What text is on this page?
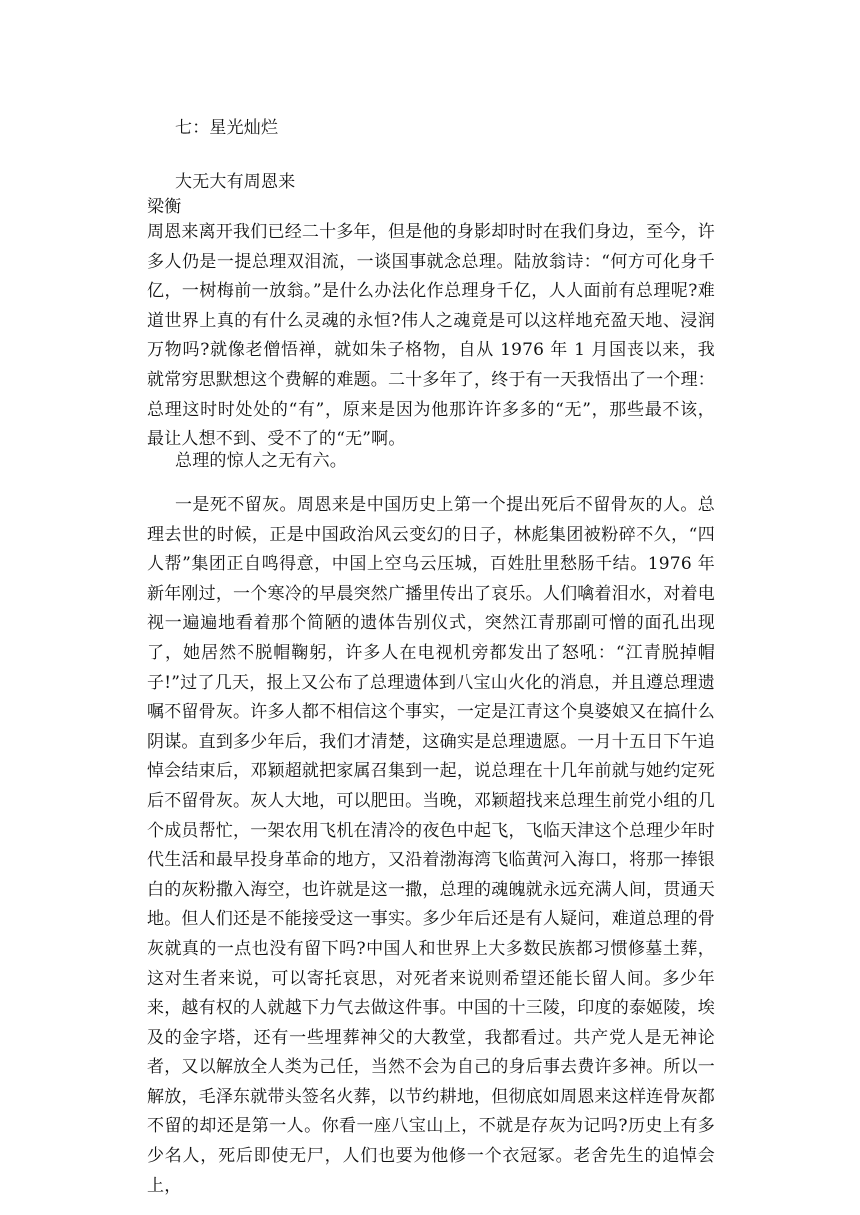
七：星光灿烂

大无大有周恩来

梁衡

周恩来离开我们已经二十多年，但是他的身影却时时在我们身边，至今，许多人仍是一提总理双泪流，一谈国事就念总理。陆放翁诗：“何方可化身千亿，一树梅前一放翁。”是什么办法化作总理身千亿，人人面前有总理呢?难道世界上真的有什么灵魂的永恒?伟人之魂竟是可以这样地充盈天地、浸润万物吗?就像老僧悟禅，就如朱子格物，自从 1976 年 1 月国丧以来，我就常穷思默想这个费解的难题。二十多年了，终于有一天我悟出了一个理：总理这时时处处的“有”，原来是因为他那许许多多的“无”，那些最不该，最让人想不到、受不了的“无”啊。

总理的惊人之无有六。

一是死不留灰。周恩来是中国历史上第一个提出死后不留骨灰的人。总理去世的时候，正是中国政治风云变幻的日子，林彪集团被粉碎不久，“四人帮”集团正自鸣得意，中国上空乌云压城，百姓肚里愁肠千结。1976 年新年刚过，一个寒冷的早晨突然广播里传出了哀乐。人们噙着泪水，对着电视一遍遍地看着那个简陋的遗体告别仪式，突然江青那副可憎的面孔出现了，她居然不脱帽鞠躬，许多人在电视机旁都发出了怒吼：“江青脱掉帽子!”过了几天，报上又公布了总理遗体到八宝山火化的消息，并且遵总理遗嘱不留骨灰。许多人都不相信这个事实，一定是江青这个臭婆娘又在搞什么阴谋。直到多少年后，我们才清楚，这确实是总理遗愿。一月十五日下午追悼会结束后，邓颖超就把家属召集到一起，说总理在十几年前就与她约定死后不留骨灰。灰人大地，可以肥田。当晚，邓颖超找来总理生前党小组的几个成员帮忙，一架农用飞机在清冷的夜色中起飞，飞临天津这个总理少年时代生活和最早投身革命的地方，又沿着渤海湾飞临黄河入海口，将那一捧银白的灰粉撒入海空，也许就是这一撒，总理的魂魄就永远充满人间，贯通天地。但人们还是不能接受这一事实。多少年后还是有人疑问，难道总理的骨灰就真的一点也没有留下吗?中国人和世界上大多数民族都习惯修墓土葬，这对生者来说，可以寄托哀思，对死者来说则希望还能长留人间。多少年来，越有权的人就越下力气去做这件事。中国的十三陵，印度的泰姬陵，埃及的金字塔，还有一些埋葬神父的大教堂，我都看过。共产党人是无神论者，又以解放全人类为己任，当然不会为自己的身后事去费许多神。所以一解放，毛泽东就带头签名火葬，以节约耕地，但彻底如周恩来这样连骨灰都不留的却还是第一人。你看一座八宝山上，不就是存灰为记吗?历史上有多少名人，死后即使无尸，人们也要为他修一个衣冠冢。老舍先生的追悼会上，
